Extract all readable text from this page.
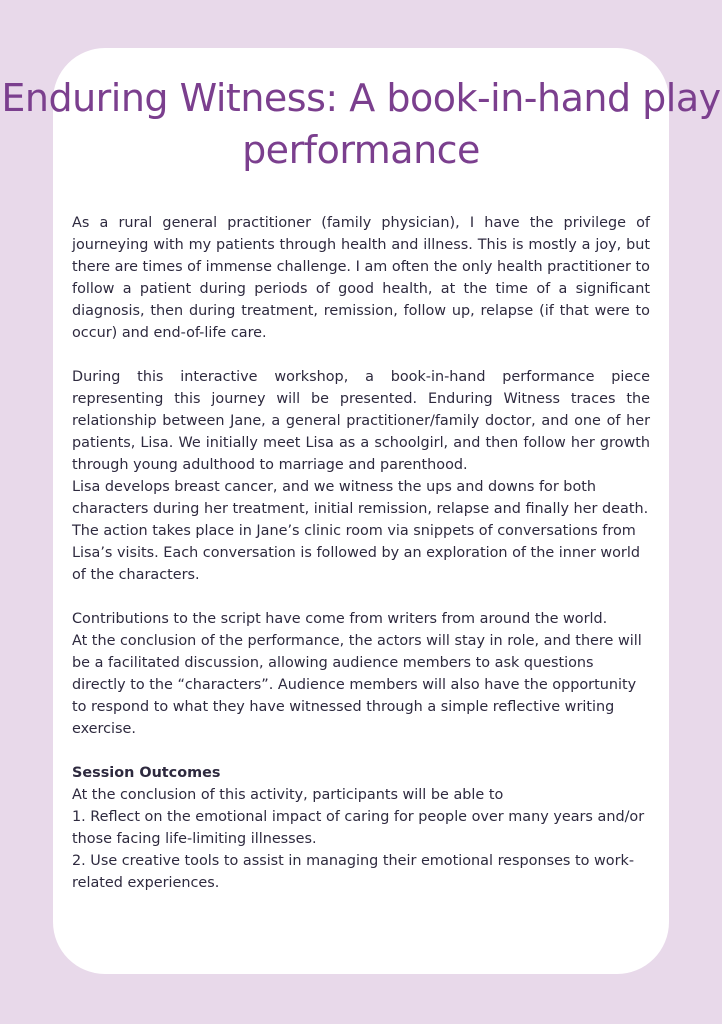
Enduring Witness: A book-in-hand play performance

As a rural general practitioner (family physician), I have the privilege of journeying with my patients through health and illness. This is mostly a joy, but there are times of immense challenge. I am often the only health practitioner to follow a patient during periods of good health, at the time of a significant diagnosis, then during treatment, remission, follow up, relapse (if that were to occur) and end-of-life care.

During this interactive workshop, a book-in-hand performance piece representing this journey will be presented. Enduring Witness traces the relationship between Jane, a general practitioner/family doctor, and one of her patients, Lisa. We initially meet Lisa as a schoolgirl, and then follow her growth through young adulthood to marriage and parenthood.

Lisa develops breast cancer, and we witness the ups and downs for both characters during her treatment, initial remission, relapse and finally her death.

The action takes place in Jane’s clinic room via snippets of conversations from Lisa’s visits. Each conversation is followed by an exploration of the inner world of the characters.

Contributions to the script have come from writers from around the world.

At the conclusion of the performance, the actors will stay in role, and there will be a facilitated discussion, allowing audience members to ask questions directly to the “characters”. Audience members will also have the opportunity to respond to what they have witnessed through a simple reflective writing exercise.

Session Outcomes

At the conclusion of this activity, participants will be able to

1. Reflect on the emotional impact of caring for people over many years and/or those facing life-limiting illnesses.

2. Use creative tools to assist in managing their emotional responses to work-related experiences.
